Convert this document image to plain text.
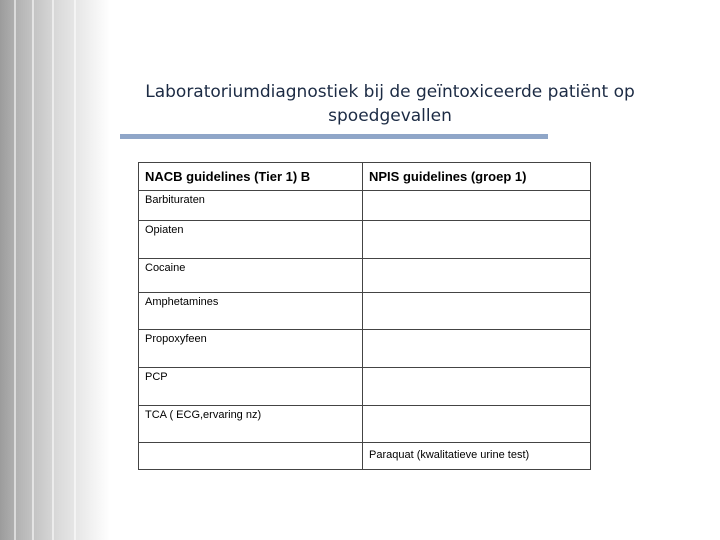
Laboratoriumdiagnostiek bij de geïntoxiceerde patiënt op spoedgevallen
NACB guidelines (Tier 1) B	NPIS guidelines (groep 1)
Barbituraten	
Opiaten	
Cocaine	
Amphetamines	
Propoxyfeen	
PCP	
TCA ( ECG,ervaring nz)	
	Paraquat (kwalitatieve urine test)
